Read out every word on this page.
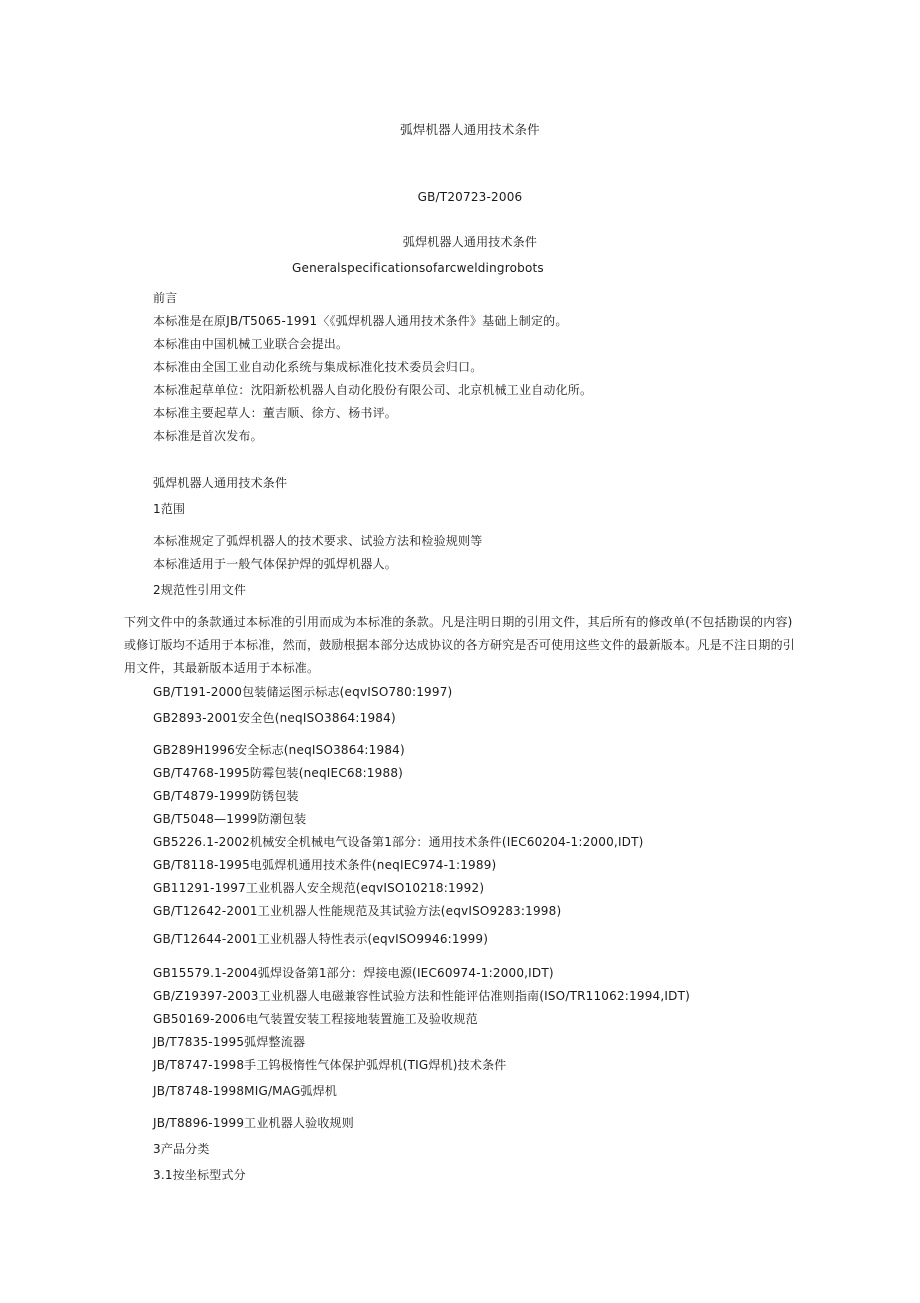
弧焊机器人通用技术条件
GB/T20723-2006
弧焊机器人通用技术条件
Generalspecificationsofarcweldingrobots
前言
本标准是在原JB/T5065-1991〈《弧焊机器人通用技术条件》基础上制定的。
本标准由中国机械工业联合会提出。
本标准由全国工业自动化系统与集成标准化技术委员会归口。
本标准起草单位：沈阳新松机器人自动化股份有限公司、北京机械工业自动化所。
本标准主要起草人：董吉顺、徐方、杨书评。
本标准是首次发布。
弧焊机器人通用技术条件
1范围
本标准规定了弧焊机器人的技术要求、试验方法和检验规则等
本标准适用于一般气体保护焊的弧焊机器人。
2规范性引用文件
下列文件中的条款通过本标准的引用而成为本标准的条款。凡是注明日期的引用文件，其后所有的修改单(不包括勘误的内容)
或修订版均不适用于本标准，然而，鼓励根据本部分达成协议的各方研究是否可使用这些文件的最新版本。凡是不注日期的引
用文件，其最新版本适用于本标准。
GB/T191-2000包装储运图示标志(eqvISO780:1997)
GB2893-2001安全色(neqISO3864:1984)
GB289H1996安全标志(neqISO3864:1984)
GB/T4768-1995防霉包装(neqIEC68:1988)
GB/T4879-1999防锈包装
GB/T5048—1999防潮包装
GB5226.1-2002机械安全机械电气设备第1部分：通用技术条件(IEC60204-1:2000,IDT)
GB/T8118-1995电弧焊机通用技术条件(neqIEC974-1:1989)
GB11291-1997工业机器人安全规范(eqvISO10218:1992)
GB/T12642-2001工业机器人性能规范及其试验方法(eqvISO9283:1998)
GB/T12644-2001工业机器人特性表示(eqvISO9946:1999)
GB15579.1-2004弧焊设备第1部分：焊接电源(IEC60974-1:2000,IDT)
GB/Z19397-2003工业机器人电磁兼容性试验方法和性能评估准则指南(ISO/TR11062:1994,IDT)
GB50169-2006电气装置安装工程接地装置施工及验收规范
JB/T7835-1995弧焊整流器
JB/T8747-1998手工钨极惰性气体保护弧焊机(TIG焊机)技术条件
JB/T8748-1998MIG/MAG弧焊机
JB/T8896-1999工业机器人验收规则
3产品分类
3.1按坐标型式分
